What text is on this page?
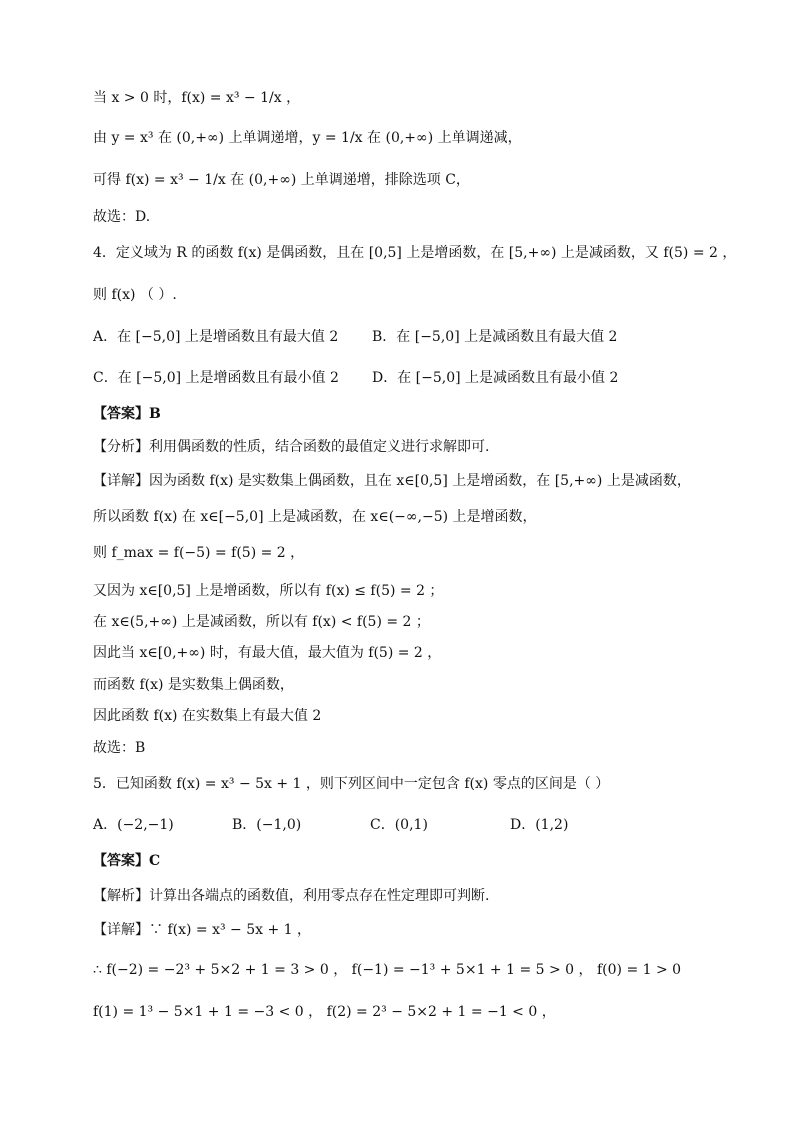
当 x > 0 时，f(x) = x³ − 1/x ，
由 y = x³ 在 (0,+∞) 上单调递增，y = 1/x 在 (0,+∞) 上单调递减，
可得 f(x) = x³ − 1/x 在 (0,+∞) 上单调递增，排除选项 C，
故选：D.
4．定义域为 R 的函数 f(x) 是偶函数，且在 [0,5] 上是增函数，在 [5,+∞) 上是减函数，又 f(5) = 2 ，
则 f(x) （ ）.
A．在 [−5,0] 上是增函数且有最大值 2 B．在 [−5,0] 上是减函数且有最大值 2
C．在 [−5,0] 上是增函数且有最小值 2 D．在 [−5,0] 上是减函数且有最小值 2
【答案】B
【分析】利用偶函数的性质，结合函数的最值定义进行求解即可.
【详解】因为函数 f(x) 是实数集上偶函数，且在 x∈[0,5] 上是增函数，在 [5,+∞) 上是减函数，
所以函数 f(x) 在 x∈[−5,0] 上是减函数，在 x∈(−∞,−5) 上是增函数，
则 f_max = f(−5) = f(5) = 2 ，
又因为 x∈[0,5] 上是增函数，所以有 f(x) ≤ f(5) = 2 ；
在 x∈(5,+∞) 上是减函数，所以有 f(x) < f(5) = 2 ；
因此当 x∈[0,+∞) 时，有最大值，最大值为 f(5) = 2 ，
而函数 f(x) 是实数集上偶函数，
因此函数 f(x) 在实数集上有最大值 2
故选：B
5．已知函数 f(x) = x³ − 5x + 1 ，则下列区间中一定包含 f(x) 零点的区间是（ ）
A．(−2,−1)	B．(−1,0)	C．(0,1)	D．(1,2)
【答案】C
【解析】计算出各端点的函数值，利用零点存在性定理即可判断.
【详解】∵ f(x) = x³ − 5x + 1 ，
∴ f(−2) = −2³ + 5×2 + 1 = 3 > 0 ， f(−1) = −1³ + 5×1 + 1 = 5 > 0 ， f(0) = 1 > 0
f(1) = 1³ − 5×1 + 1 = −3 < 0 ， f(2) = 2³ − 5×2 + 1 = −1 < 0 ，
